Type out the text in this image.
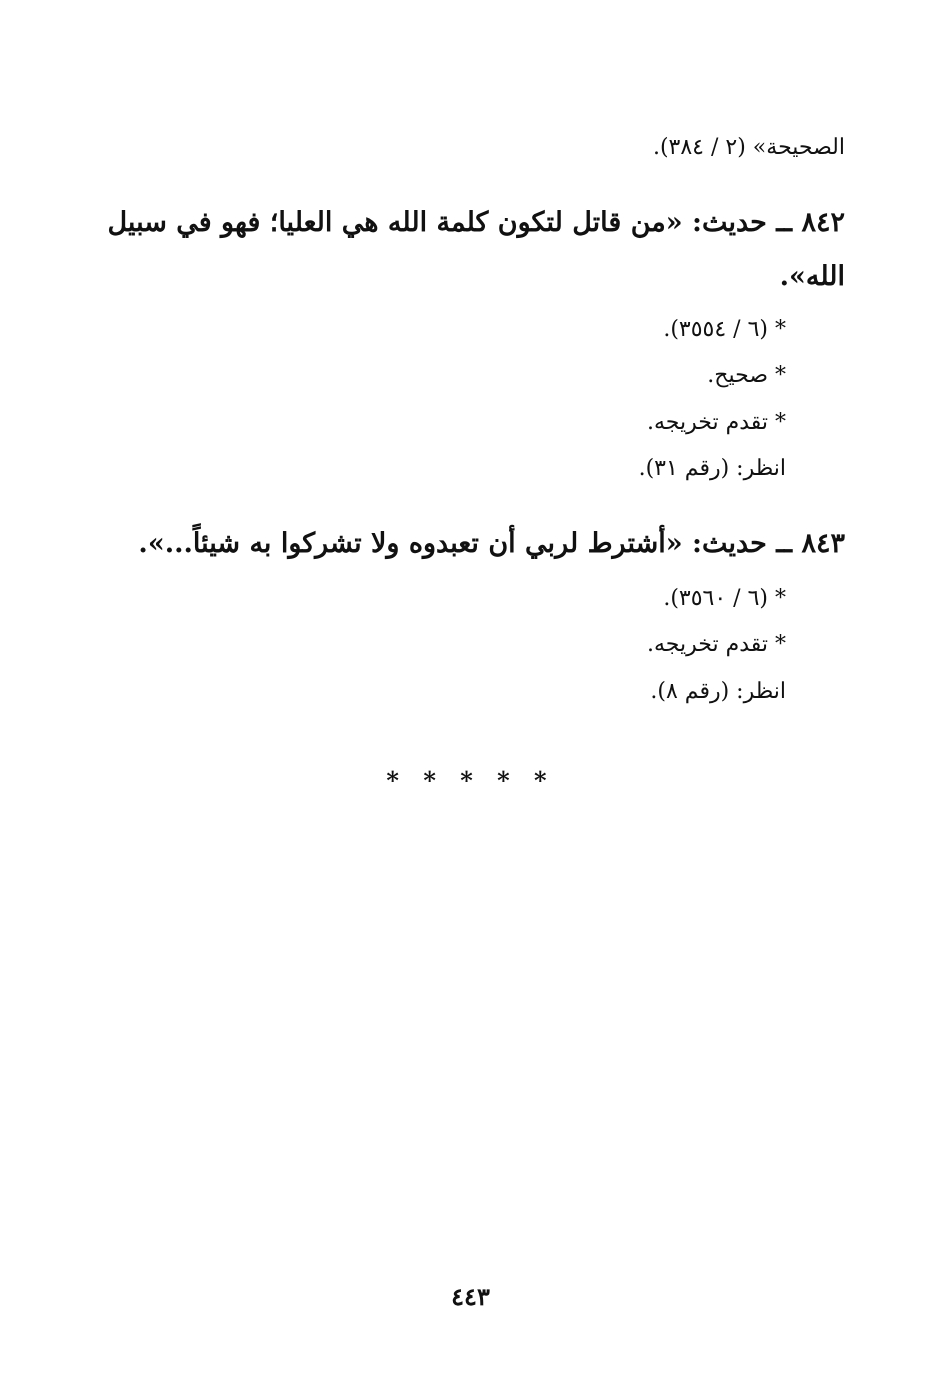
الصحيحة» (٢ / ٣٨٤).
٨٤٢ ــ حديث: «من قاتل لتكون كلمة الله هي العليا؛ فهو في سبيل
الله».
* (٦ / ٣٥٥٤).
* صحيح.
* تقدم تخريجه.
انظر: (رقم ٣١).
٨٤٣ ــ حديث: «أشترط لربي أن تعبدوه ولا تشركوا به شيئاً...».
* (٦ / ٣٥٦٠).
* تقدم تخريجه.
انظر: (رقم ٨).
* * * * *
٤٤٣
